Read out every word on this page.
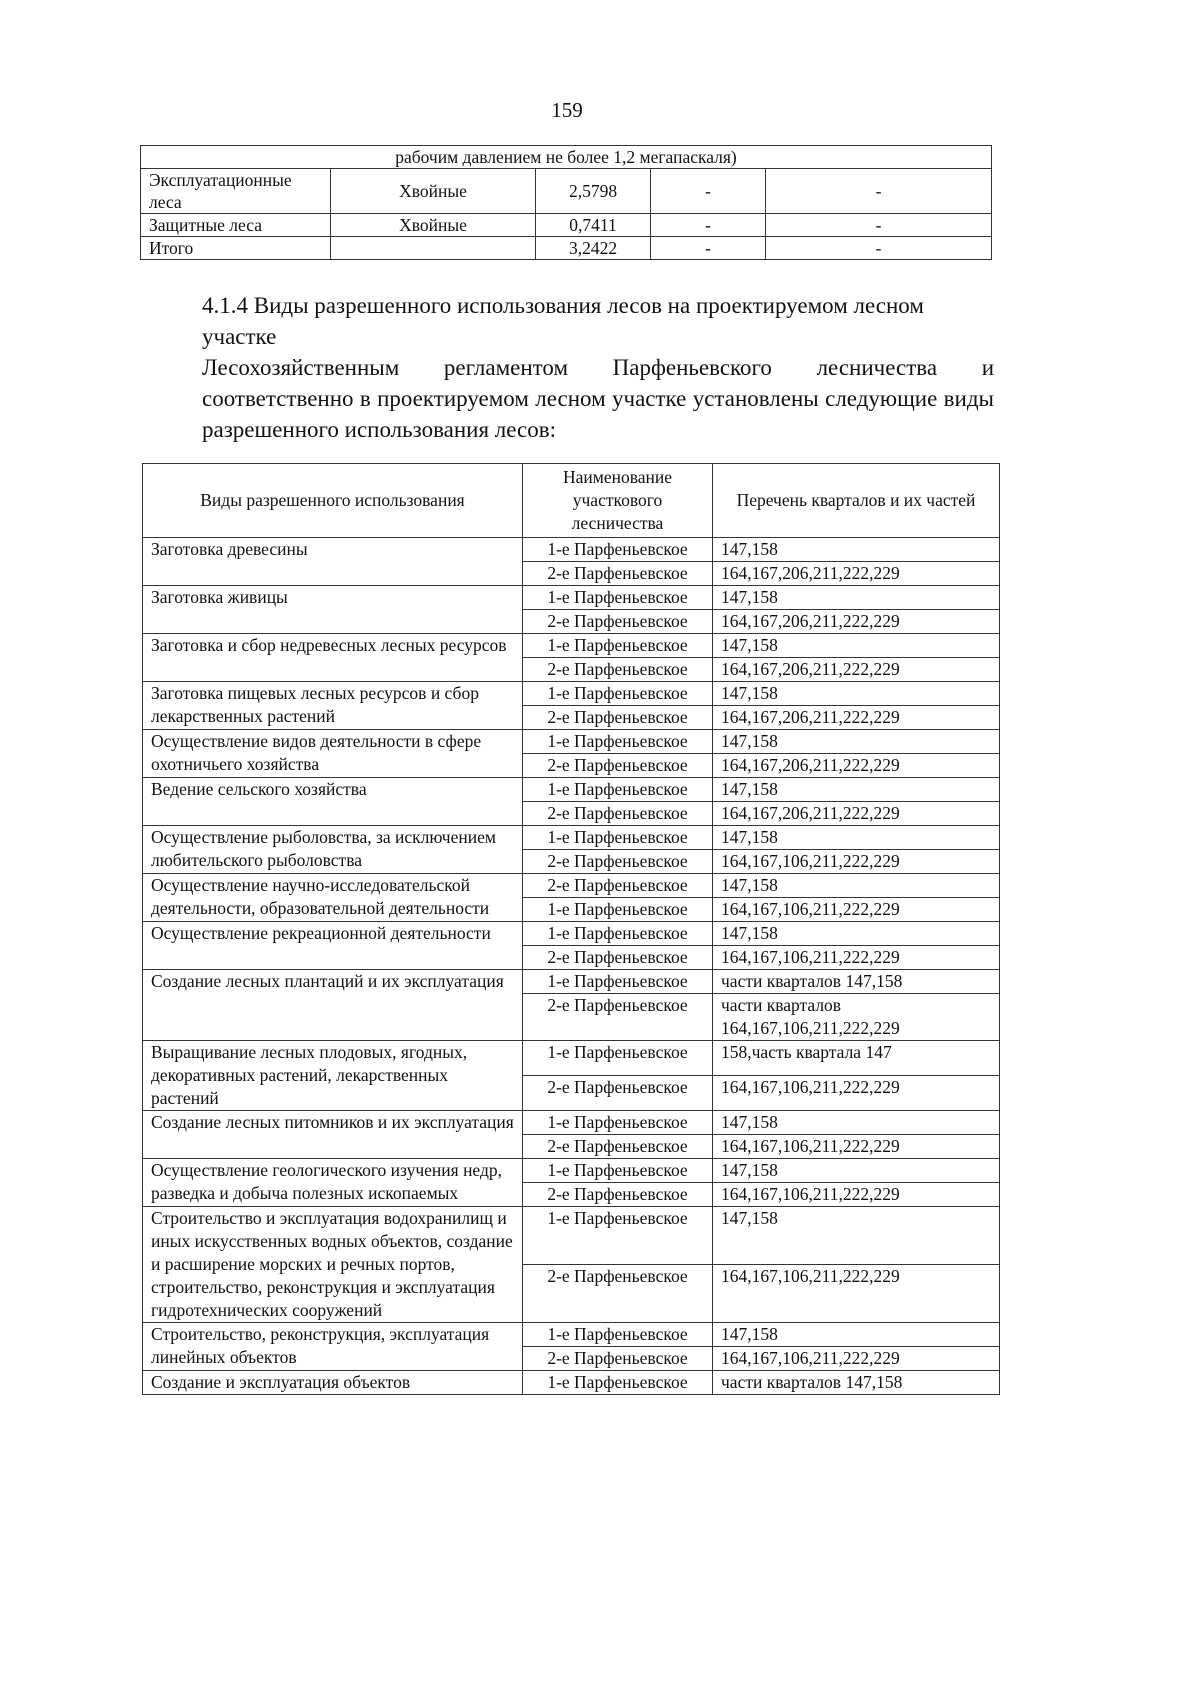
159
рабочим давлением не более 1,2 мегапаскаля)				
Эксплуатационные леса	Хвойные	2,5798	-	-
Защитные леса	Хвойные	0,7411	-	-
Итого		3,2422	-	-
4.1.4 Виды разрешенного использования лесов на проектируемом лесном участке
Лесохозяйственным регламентом Парфеньевского лесничества и соответственно в проектируемом лесном участке установлены следующие виды разрешенного использования лесов:
Виды разрешенного использования	Наименование участкового лесничества	Перечень кварталов и их частей
Заготовка древесины	1-е Парфеньевское	147,158
	2-е Парфеньевское	164,167,206,211,222,229
Заготовка живицы	1-е Парфеньевское	147,158
	2-е Парфеньевское	164,167,206,211,222,229
Заготовка и сбор недревесных лесных ресурсов	1-е Парфеньевское	147,158
	2-е Парфеньевское	164,167,206,211,222,229
Заготовка пищевых лесных ресурсов и сбор лекарственных растений	1-е Парфеньевское	147,158
	2-е Парфеньевское	164,167,206,211,222,229
Осуществление видов деятельности в сфере охотничьего хозяйства	1-е Парфеньевское	147,158
	2-е Парфеньевское	164,167,206,211,222,229
Ведение сельского хозяйства	1-е Парфеньевское	147,158
	2-е Парфеньевское	164,167,206,211,222,229
Осуществление рыболовства, за исключением любительского рыболовства	1-е Парфеньевское	147,158
	2-е Парфеньевское	164,167,106,211,222,229
Осуществление научно-исследовательской деятельности, образовательной деятельности	2-е Парфеньевское	147,158
	1-е Парфеньевское	164,167,106,211,222,229
Осуществление рекреационной деятельности	1-е Парфеньевское	147,158
	2-е Парфеньевское	164,167,106,211,222,229
Создание лесных плантаций и их эксплуатация	1-е Парфеньевское	части кварталов 147,158
	2-е Парфеньевское	части кварталов 164,167,106,211,222,229
Выращивание лесных плодовых, ягодных, декоративных растений, лекарственных растений	1-е Парфеньевское	158,часть квартала 147
	2-е Парфеньевское	164,167,106,211,222,229
Создание лесных питомников и их эксплуатация	1-е Парфеньевское	147,158
	2-е Парфеньевское	164,167,106,211,222,229
Осуществление геологического изучения недр, разведка и добыча полезных ископаемых	1-е Парфеньевское	147,158
	2-е Парфеньевское	164,167,106,211,222,229
Строительство и эксплуатация водохранилищ и иных искусственных водных объектов, создание и расширение морских и речных портов, строительство, реконструкция и эксплуатация гидротехнических сооружений	1-е Парфеньевское	147,158
	2-е Парфеньевское	164,167,106,211,222,229
Строительство, реконструкция, эксплуатация линейных объектов	1-е Парфеньевское	147,158
	2-е Парфеньевское	164,167,106,211,222,229
Создание и эксплуатация объектов	1-е Парфеньевское	части кварталов 147,158
